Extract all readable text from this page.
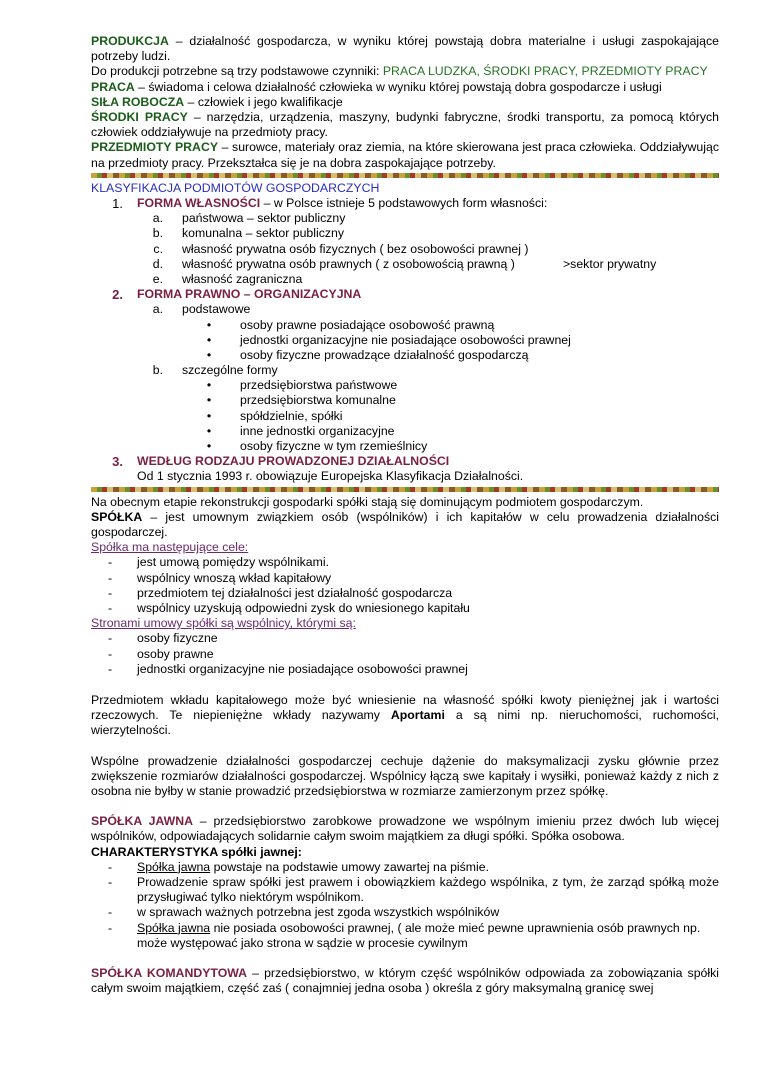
PRODUKCJA – działalność gospodarcza, w wyniku której powstają dobra materialne i usługi zaspokajające potrzeby ludzi.

Do produkcji potrzebne są trzy podstawowe czynniki: PRACA LUDZKA, ŚRODKI PRACY, PRZEDMIOTY PRACY

PRACA – świadoma i celowa działalność człowieka w wyniku której powstają dobra gospodarcze i usługi

SIŁA ROBOCZA – człowiek i jego kwalifikacje

ŚRODKI PRACY – narzędzia, urządzenia, maszyny, budynki fabryczne, środki transportu, za pomocą których człowiek oddziaływuje na przedmioty pracy.

PRZEDMIOTY PRACY – surowce, materiały oraz ziemia, na które skierowana jest praca człowieka. Oddziaływując na przedmioty pracy. Przekształca się je na dobra zaspokajające potrzeby.

KLASYFIKACJA PODMIOTÓW GOSPODARCZYCH

1. FORMA WŁASNOŚCI – w Polsce istnieje 5 podstawowych form własności:
a. państwowa – sektor publiczny
b. komunalna – sektor publiczny
c. własność prywatna osób fizycznych ( bez osobowości prawnej )
d. własność prywatna osób prawnych ( z osobowością prawną )	>sektor prywatny
e. własność zagraniczna
2. FORMA PRAWNO – ORGANIZACYJNA
a. podstawowe
•	osoby prawne posiadające osobowość prawną
•	jednostki organizacyjne nie posiadające osobowości prawnej
•	osoby fizyczne prowadzące działalność gospodarczą
b. szczególne formy
•	przedsiębiorstwa państwowe
•	przedsiębiorstwa komunalne
•	spółdzielnie, spółki
•	inne jednostki organizacyjne
•	osoby fizyczne w tym rzemieślnicy
3. WEDŁUG RODZAJU PROWADZONEJ DZIAŁALNOŚCI
Od 1 stycznia 1993 r. obowiązuje Europejska Klasyfikacja Działalności.

Na obecnym etapie rekonstrukcji gospodarki spółki stają się dominującym podmiotem gospodarczym.

SPÓŁKA – jest umownym związkiem osób (wspólników) i ich kapitałów w celu prowadzenia działalności gospodarczej.

Spółka ma następujące cele:

-	jest umową pomiędzy wspólnikami.
-	wspólnicy wnoszą wkład kapitałowy
-	przedmiotem tej działalności jest działalność gospodarcza
-	wspólnicy uzyskują odpowiedni zysk do wniesionego kapitału

Stronami umowy spółki są wspólnicy, którymi są:

-	osoby fizyczne
-	osoby prawne
-	jednostki organizacyjne nie posiadające osobowości prawnej

Przedmiotem wkładu kapitałowego może być wniesienie na własność spółki kwoty pieniężnej jak i wartości rzeczowych. Te niepieniężne wkłady nazywamy Aportami a są nimi np. nieruchomości, ruchomości, wierzytelności.

Wspólne prowadzenie działalności gospodarczej cechuje dążenie do maksymalizacji zysku głównie przez zwiększenie rozmiarów działalności gospodarczej. Wspólnicy łączą swe kapitały i wysiłki, ponieważ każdy z nich z osobna nie byłby w stanie prowadzić przedsiębiorstwa w rozmiarze zamierzonym przez spółkę.

SPÓŁKA JAWNA – przedsiębiorstwo zarobkowe prowadzone we wspólnym imieniu przez dwóch lub więcej wspólników, odpowiadających solidarnie całym swoim majątkiem za długi spółki. Spółka osobowa.

CHARAKTERYSTYKA spółki jawnej:

-	Spółka jawna powstaje na podstawie umowy zawartej na piśmie.
-	Prowadzenie spraw spółki jest prawem i obowiązkiem każdego wspólnika, z tym, że zarząd spółką może przysługiwać tylko niektórym wspólnikom.
-	w sprawach ważnych potrzebna jest zgoda wszystkich wspólników
-	Spółka jawna nie posiada osobowości prawnej, ( ale może mieć pewne uprawnienia osób prawnych np. może występować jako strona w sądzie w procesie cywilnym

SPÓŁKA KOMANDYTOWA – przedsiębiorstwo, w którym część wspólników odpowiada za zobowiązania spółki całym swoim majątkiem, część zaś ( conajmniej jedna osoba ) określa z góry maksymalną granicę swej
